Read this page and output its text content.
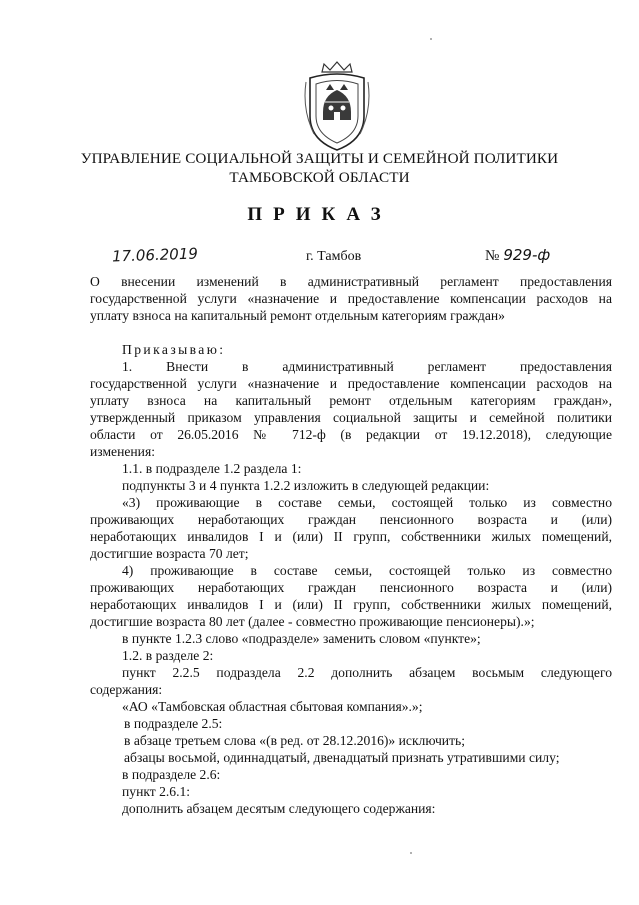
УПРАВЛЕНИЕ СОЦИАЛЬНОЙ ЗАЩИТЫ И СЕМЕЙНОЙ ПОЛИТИКИ
ТАМБОВСКОЙ ОБЛАСТИ
ПРИКАЗ
17.06.2019	г. Тамбов	№ 929-ф
О внесении изменений в административный регламент предоставления
государственной услуги «назначение и предоставление компенсации расходов на
уплату взноса на капитальный ремонт отдельным категориям граждан»
Приказываю:
1. Внести в административный регламент предоставления
государственной услуги «назначение и предоставление компенсации расходов на
уплату взноса на капитальный ремонт отдельным категориям граждан»,
утвержденный приказом управления социальной защиты и семейной политики
области от 26.05.2016 № 712-ф (в редакции от 19.12.2018), следующие
изменения:
1.1. в подразделе 1.2 раздела 1:
подпункты 3 и 4 пункта 1.2.2 изложить в следующей редакции:
«3) проживающие в составе семьи, состоящей только из совместно
проживающих неработающих граждан пенсионного возраста и (или)
неработающих инвалидов I и (или) II групп, собственники жилых помещений,
достигшие возраста 70 лет;
4) проживающие в составе семьи, состоящей только из совместно
проживающих неработающих граждан пенсионного возраста и (или)
неработающих инвалидов I и (или) II групп, собственники жилых помещений,
достигшие возраста 80 лет (далее - совместно проживающие пенсионеры).»;
в пункте 1.2.3 слово «подразделе» заменить словом «пункте»;
1.2. в разделе 2:
пункт 2.2.5 подраздела 2.2 дополнить абзацем восьмым следующего
содержания:
«АО «Тамбовская областная сбытовая компания».»;
в подразделе 2.5:
в абзаце третьем слова «(в ред. от 28.12.2016)» исключить;
абзацы восьмой, одиннадцатый, двенадцатый признать утратившими силу;
в подразделе 2.6:
пункт 2.6.1:
дополнить абзацем десятым следующего содержания:
